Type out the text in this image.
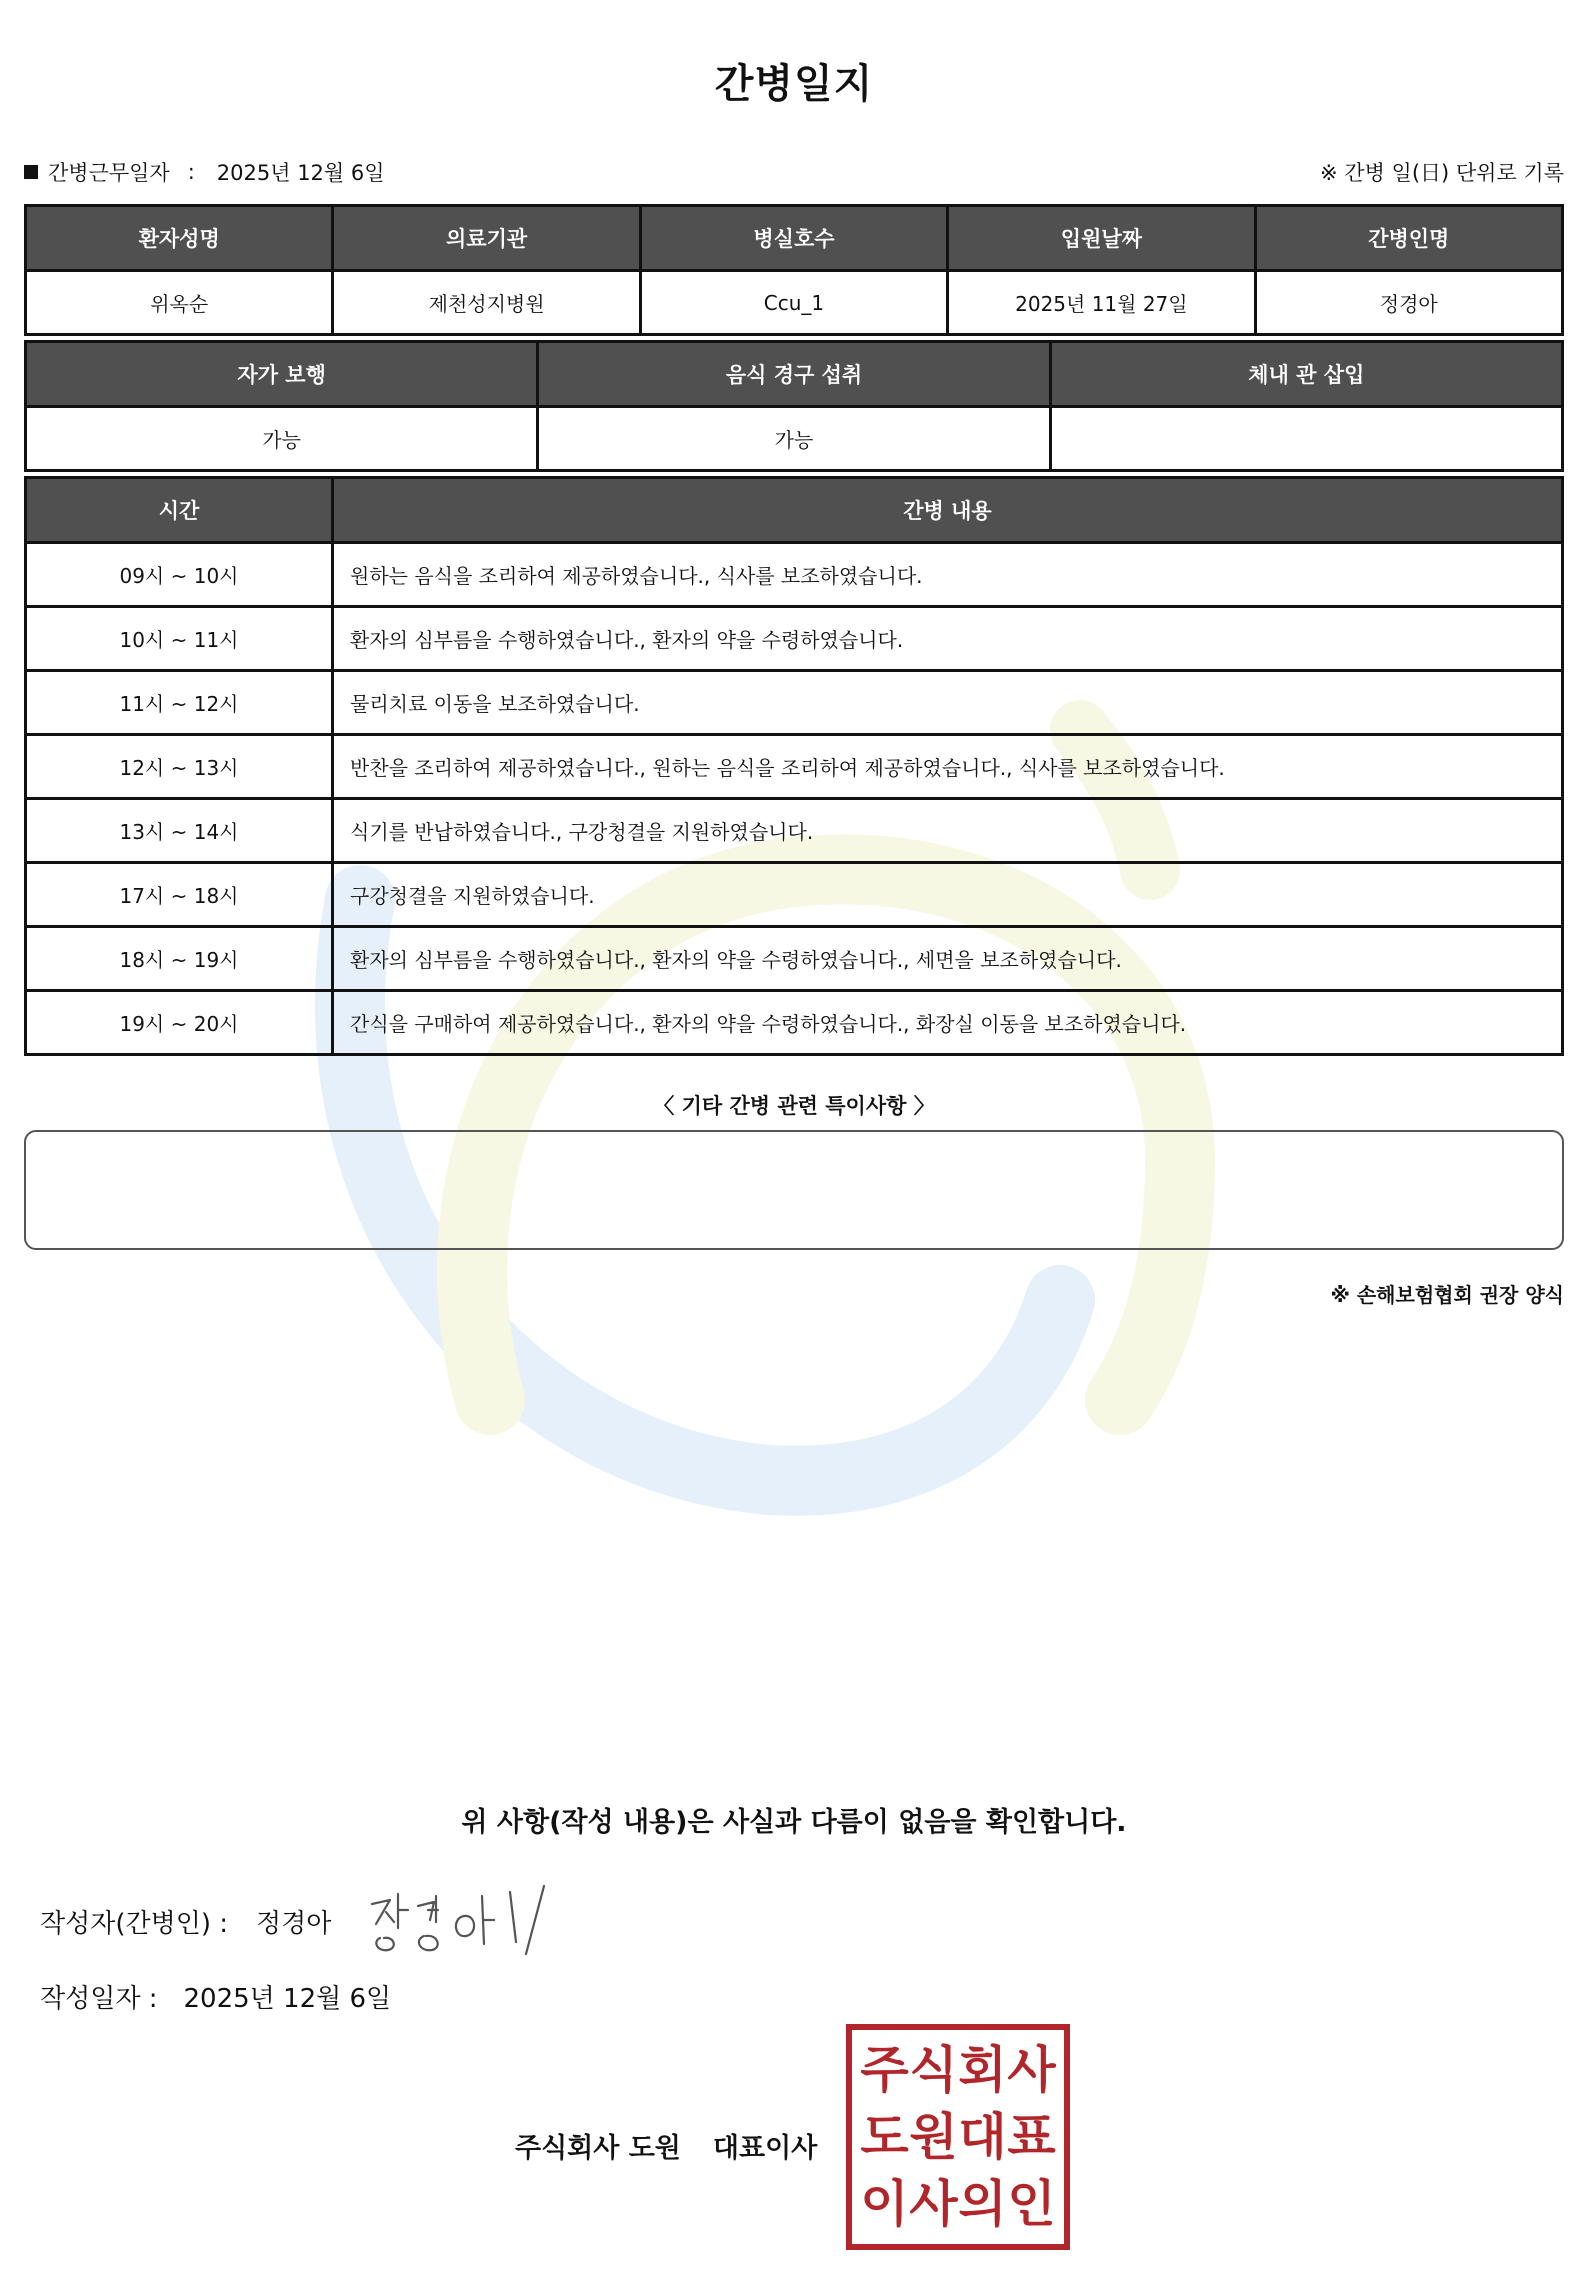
간병일지
간병근무일자 : 2025년 12월 6일	※ 간병 일(日) 단위로 기록
환자성명	의료기관	병실호수	입원날짜	간병인명
위옥순	제천성지병원	Ccu_1	2025년 11월 27일	정경아
자가 보행	음식 경구 섭취	체내 관 삽입
가능	가능	
시간	간병 내용
09시 ~ 10시	원하는 음식을 조리하여 제공하였습니다., 식사를 보조하였습니다.
10시 ~ 11시	환자의 심부름을 수행하였습니다., 환자의 약을 수령하였습니다.
11시 ~ 12시	물리치료 이동을 보조하였습니다.
12시 ~ 13시	반찬을 조리하여 제공하였습니다., 원하는 음식을 조리하여 제공하였습니다., 식사를 보조하였습니다.
13시 ~ 14시	식기를 반납하였습니다., 구강청결을 지원하였습니다.
17시 ~ 18시	구강청결을 지원하였습니다.
18시 ~ 19시	환자의 심부름을 수행하였습니다., 환자의 약을 수령하였습니다., 세면을 보조하였습니다.
19시 ~ 20시	간식을 구매하여 제공하였습니다., 환자의 약을 수령하였습니다., 화장실 이동을 보조하였습니다.
〈 기타 간병 관련 특이사항 〉
※ 손해보험협회 권장 양식
위 사항(작성 내용)은 사실과 다름이 없음을 확인합니다.
작성자(간병인) : 정경아
작성일자 : 2025년 12월 6일
주식회사 도원 대표이사
주 식 회 사
도 원 대 표
이 사 의 인
